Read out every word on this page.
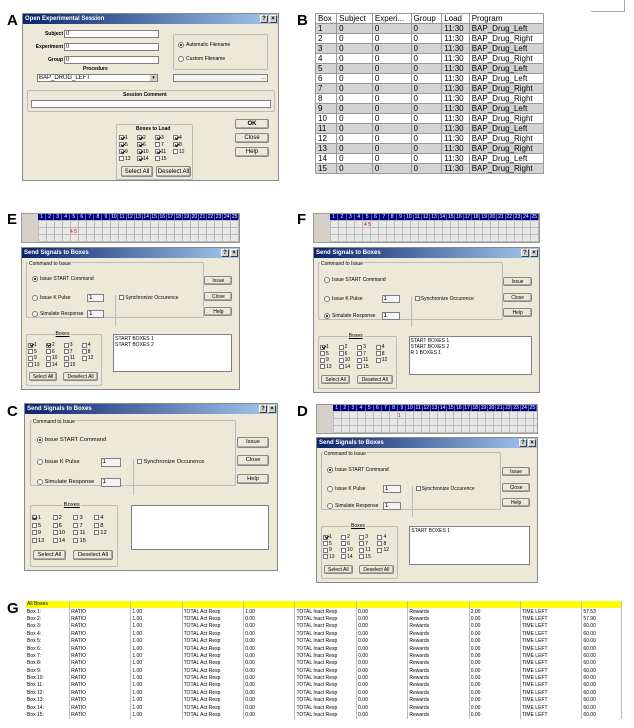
A	B
E	F
C	D
G
Open Experimental Session	? ×
Subject 0
Experiment 0
Group 0
Procedure
BAP_DRUG_LEFT	▾
Automatic Filename
Custom Filename
…
Session Comment
Boxes to Load
1	2	3	4
5	6	7	8
9	10	11	12
13	14	15
Select All	Deselect All
OK
Close
Help
Box	Subject	Experi...	Group	Load	Program
1	0	0	0	11:30	BAP_Drug_Left
2	0	0	0	11:30	BAP_Drug_Right
3	0	0	0	11:30	BAP_Drug_Left
4	0	0	0	11:30	BAP_Drug_Right
5	0	0	0	11:30	BAP_Drug_Left
6	0	0	0	11:30	BAP_Drug_Left
7	0	0	0	11:30	BAP_Drug_Right
8	0	0	0	11:30	BAP_Drug_Right
9	0	0	0	11:30	BAP_Drug_Left
10	0	0	0	11:30	BAP_Drug_Right
11	0	0	0	11:30	BAP_Drug_Left
12	0	0	0	11:30	BAP_Drug_Right
13	0	0	0	11:30	BAP_Drug_Right
14	0	0	0	11:30	BAP_Drug_Left
15	0	0	0	11:30	BAP_Drug_Right
1	2	3	4	5	6	7	8	9 10 11 12 13 14 15 16 17 18 19 20 21 22 23 24 25
4 5
Send Signals to Boxes	? ×
Command to Issue
Issue START Command
Issue K Pulse	1
Simulate Response 1
Synchronize Occurence
Issue
Close
Help
Boxes
1	2	3	4
5	6	7	8
9	10	11	12
13	14	15
Select All	Deselect All
START BOXES 1
START BOXES 2
1	2	3	4	5	6	7	8	9 10 11 12 13 14 15 16 17 18 19 20 21 22 23 24 25
4 5
Send Signals to Boxes	? ×
Command to Issue
Issue START Command
Issue K Pulse	1
Simulate Response	1
Synchronize Occurence
Issue
Close
Help
Boxes
1	2	3	4
5	6	7	8
9	10	11	12
13	14	15
Select All	Deselect All
START BOXES 1
START BOXES 2
R 1 BOXES 1
Send Signals to Boxes	? ×
Command to Issue
Issue START Command
Issue K Pulse	1
Simulate Response	1
Synchronize Occurence
Issue
Close
Help
Boxes
1	2	3	4
5	6	7	8
9	10	11	12
13	14	15
Select All	Deselect All
1	2	3	4	5	6	7	8	9 10 11 12 13 14 15 16 17 18 19 20 21 22 23 24 25
1
Send Signals to Boxes	? ×
Command to Issue
Issue START Command
Issue K Pulse	1
Simulate Response	1
Synchronize Occurence
Issue
Close
Help
Boxes
1	2	3	4
5	6	7	8
9	10	11	12
13	14	15
Select All	Deselect All
START BOXES 1
All Boxes										
Box 1:	RATIO	1.00	TOTAL Act Resp	1.00	TOTAL Inact Resp	0.00	Rewards	2.00	TIME LEFT	57.53
Box 2:	RATIO	1.00	TOTAL Act Resp	0.00	TOTAL Inact Resp	0.00	Rewards	0.00	TIME LEFT	57.90
Box 3:	RATIO	1.00	TOTAL Act Resp	0.00	TOTAL Inact Resp	0.00	Rewards	0.00	TIME LEFT	60.00
Box 4:	RATIO	1.00	TOTAL Act Resp	0.00	TOTAL Inact Resp	0.00	Rewards	0.00	TIME LEFT	60.00
Box 5:	RATIO	1.00	TOTAL Act Resp	0.00	TOTAL Inact Resp	0.00	Rewards	0.00	TIME LEFT	60.00
Box 6:	RATIO	1.00	TOTAL Act Resp	0.00	TOTAL Inact Resp	0.00	Rewards	0.00	TIME LEFT	60.00
Box 7:	RATIO	1.00	TOTAL Act Resp	0.00	TOTAL Inact Resp	0.00	Rewards	0.00	TIME LEFT	60.00
Box 8:	RATIO	1.00	TOTAL Act Resp	0.00	TOTAL Inact Resp	0.00	Rewards	0.00	TIME LEFT	60.00
Box 9:	RATIO	1.00	TOTAL Act Resp	0.00	TOTAL Inact Resp	0.00	Rewards	0.00	TIME LEFT	60.00
Box 10:	RATIO	1.00	TOTAL Act Resp	0.00	TOTAL Inact Resp	0.00	Rewards	0.00	TIME LEFT	60.00
Box 11:	RATIO	1.00	TOTAL Act Resp	0.00	TOTAL Inact Resp	0.00	Rewards	0.00	TIME LEFT	60.00
Box 12:	RATIO	1.00	TOTAL Act Resp	0.00	TOTAL Inact Resp	0.00	Rewards	0.00	TIME LEFT	60.00
Box 13:	RATIO	1.00	TOTAL Act Resp	0.00	TOTAL Inact Resp	0.00	Rewards	0.00	TIME LEFT	60.00
Box 14:	RATIO	1.00	TOTAL Act Resp	0.00	TOTAL Inact Resp	0.00	Rewards	0.00	TIME LEFT	60.00
Box 15:	RATIO	1.00	TOTAL Act Resp	0.00	TOTAL Inact Resp	0.00	Rewards	0.00	TIME LEFT	60.00
